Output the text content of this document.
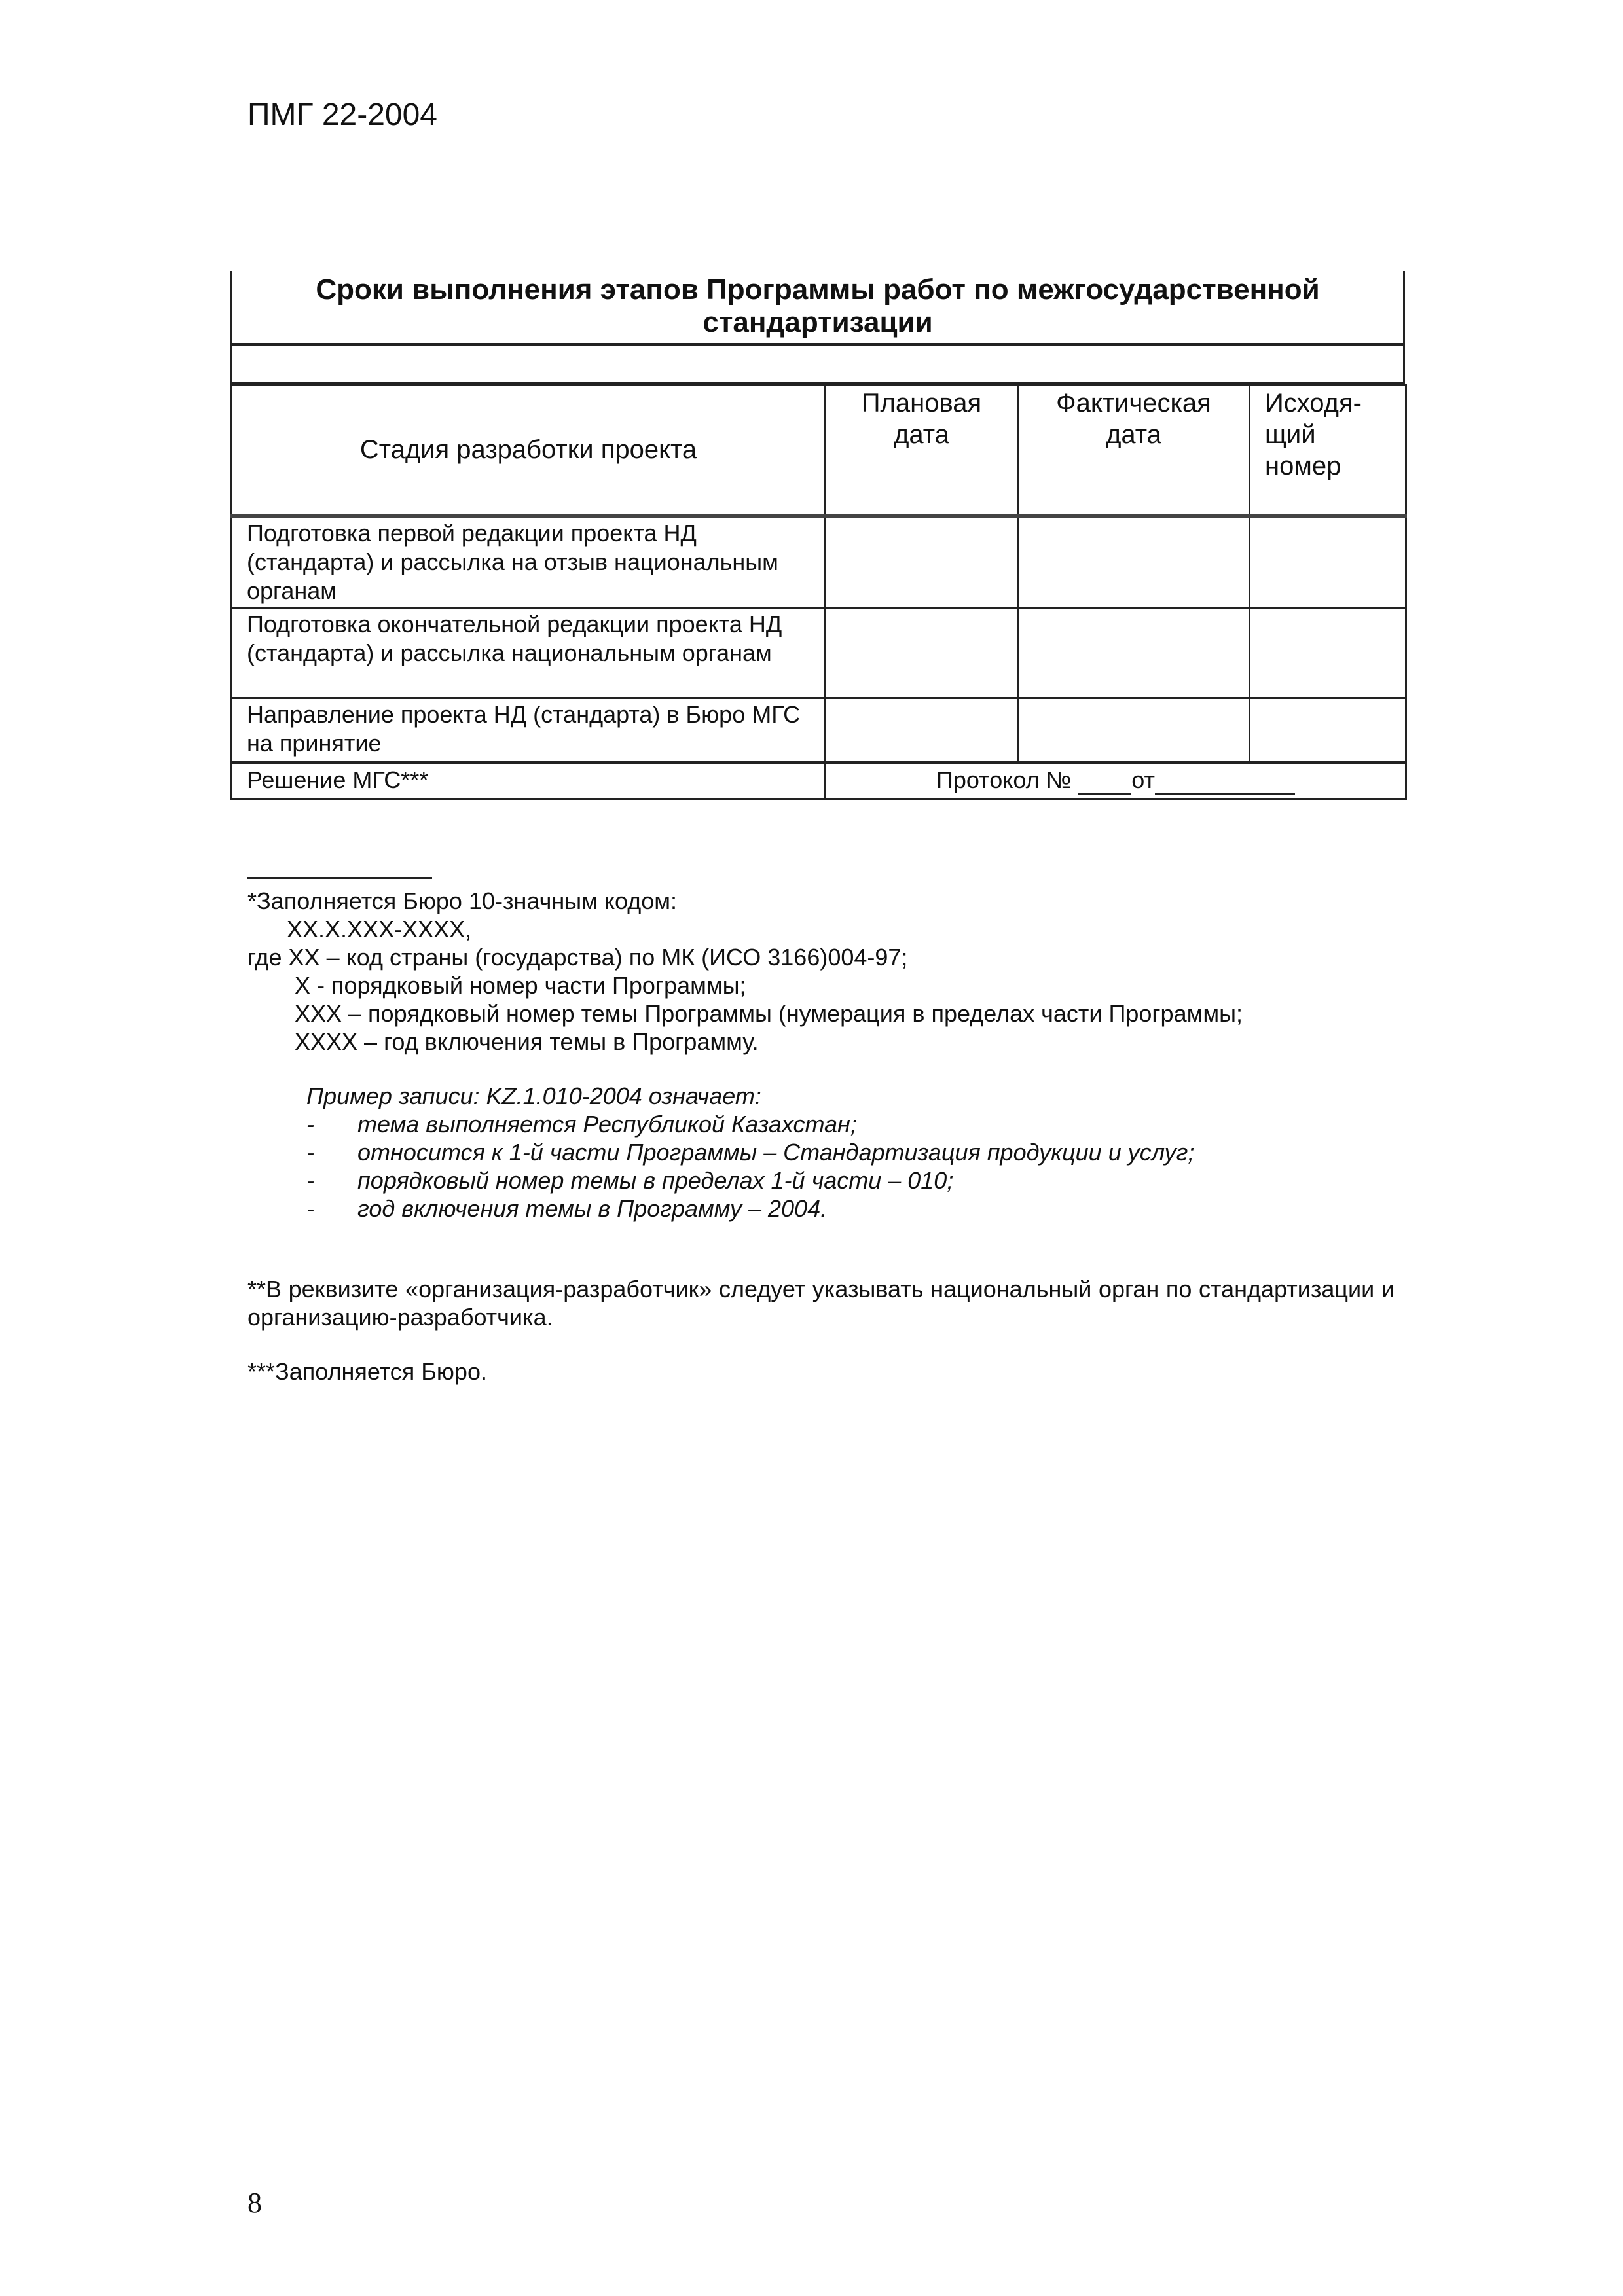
ПМГ 22-2004
Сроки выполнения этапов Программы работ по межгосударственной стандартизации
Стадия разработки проекта	Плановая дата	Фактическая дата	Исходя-щий номер
Подготовка первой редакции проекта НД (стандарта) и рассылка на отзыв национальным органам			
Подготовка окончательной редакции проекта НД (стандарта) и рассылка национальным органам			
Направление проекта НД (стандарта) в Бюро МГС на принятие			
Решение МГС***	Протокол № от		
*Заполняется Бюро 10-значным кодом:
ХХ.Х.ХХХ-ХХХХ,
где ХХ – код страны (государства) по МК (ИСО 3166)004-97;
Х - порядковый номер части Программы;
ХХХ – порядковый номер темы Программы (нумерация в пределах части Программы;
ХХХХ – год включения темы в Программу.
Пример записи: KZ.1.010-2004 означает:
-	тема выполняется Республикой Казахстан;
-	относится к 1-й части Программы – Стандартизация продукции и услуг;
-	порядковый номер темы в пределах 1-й части – 010;
-	год включения темы в Программу – 2004.
**В реквизите «организация-разработчик» следует указывать национальный орган по стандартизации и организацию-разработчика.
***Заполняется Бюро.
8
